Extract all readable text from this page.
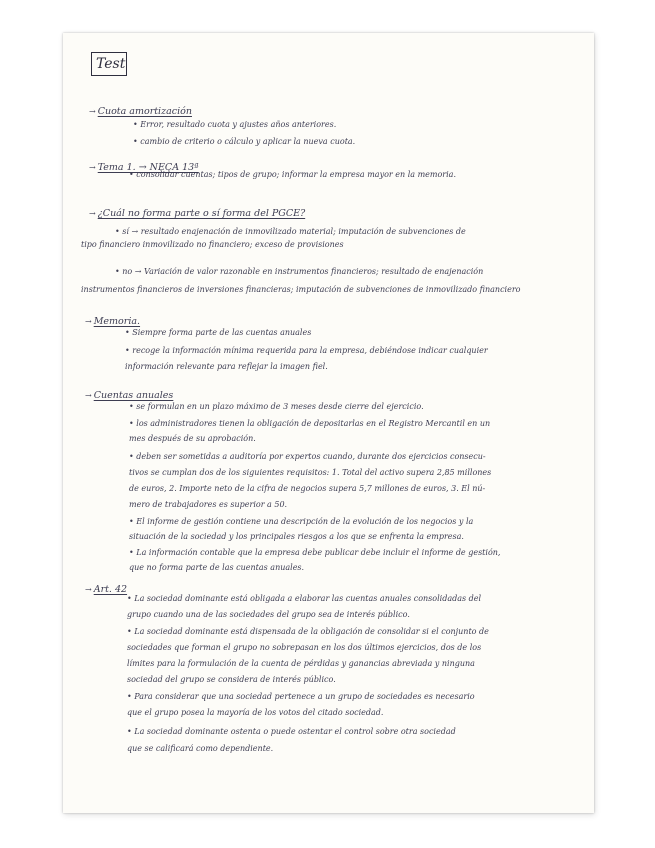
Test
→ Cuota amortización
• Error, resultado cuota y ajustes años anteriores.
• cambio de criterio o cálculo y aplicar la nueva cuota.
→ Tema 1. → NECA 13ª
• consolidar cuentas; tipos de grupo; informar la empresa mayor en la memoria.
→ ¿Cuál no forma parte o sí forma del PGCE?
• sí → resultado enajenación de inmovilizado material; imputación de subvenciones de
tipo financiero inmovilizado no financiero; exceso de provisiones
• no → Variación de valor razonable en instrumentos financieros; resultado de enajenación
instrumentos financieros de inversiones financieras; imputación de subvenciones de inmovilizado financiero
→ Memoria.
• Siempre forma parte de las cuentas anuales
• recoge la información mínima requerida para la empresa, debiéndose indicar cualquier
información relevante para reflejar la imagen fiel.
→ Cuentas anuales
• se formulan en un plazo máximo de 3 meses desde cierre del ejercicio.
• los administradores tienen la obligación de depositarlas en el Registro Mercantil en un
mes después de su aprobación.
• deben ser sometidas a auditoría por expertos cuando, durante dos ejercicios consecu-
tivos se cumplan dos de los siguientes requisitos: 1. Total del activo supera 2,85 millones
de euros, 2. Importe neto de la cifra de negocios supera 5,7 millones de euros, 3. El nú-
mero de trabajadores es superior a 50.
• El informe de gestión contiene una descripción de la evolución de los negocios y la
situación de la sociedad y los principales riesgos a los que se enfrenta la empresa.
• La información contable que la empresa debe publicar debe incluir el informe de gestión,
que no forma parte de las cuentas anuales.
→ Art. 42
• La sociedad dominante está obligada a elaborar las cuentas anuales consolidadas del
grupo cuando una de las sociedades del grupo sea de interés público.
• La sociedad dominante está dispensada de la obligación de consolidar si el conjunto de
sociedades que forman el grupo no sobrepasan en los dos últimos ejercicios, dos de los
límites para la formulación de la cuenta de pérdidas y ganancias abreviada y ninguna
sociedad del grupo se considera de interés público.
• Para considerar que una sociedad pertenece a un grupo de sociedades es necesario
que el grupo posea la mayoría de los votos del citado sociedad.
• La sociedad dominante ostenta o puede ostentar el control sobre otra sociedad
que se calificará como dependiente.
